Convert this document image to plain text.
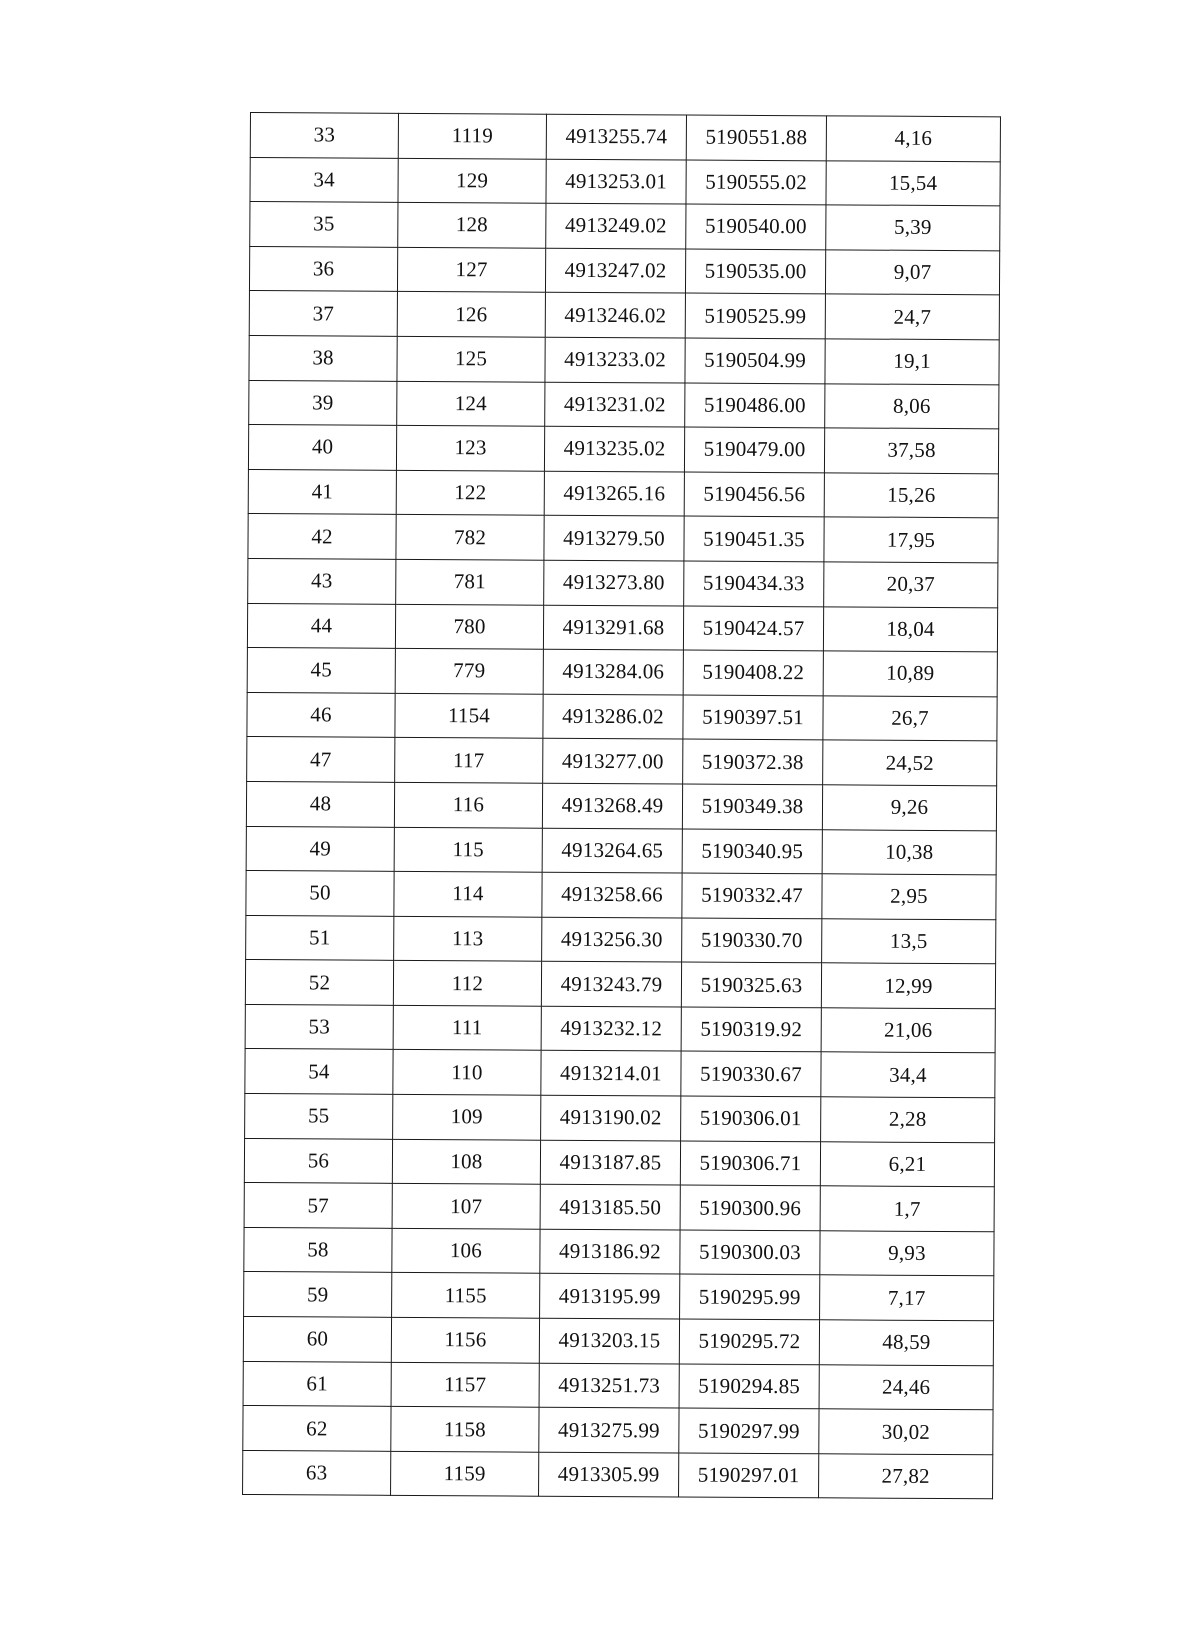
33	1119	4913255.74	5190551.88	4,16
34	129	4913253.01	5190555.02	15,54
35	128	4913249.02	5190540.00	5,39
36	127	4913247.02	5190535.00	9,07
37	126	4913246.02	5190525.99	24,7
38	125	4913233.02	5190504.99	19,1
39	124	4913231.02	5190486.00	8,06
40	123	4913235.02	5190479.00	37,58
41	122	4913265.16	5190456.56	15,26
42	782	4913279.50	5190451.35	17,95
43	781	4913273.80	5190434.33	20,37
44	780	4913291.68	5190424.57	18,04
45	779	4913284.06	5190408.22	10,89
46	1154	4913286.02	5190397.51	26,7
47	117	4913277.00	5190372.38	24,52
48	116	4913268.49	5190349.38	9,26
49	115	4913264.65	5190340.95	10,38
50	114	4913258.66	5190332.47	2,95
51	113	4913256.30	5190330.70	13,5
52	112	4913243.79	5190325.63	12,99
53	111	4913232.12	5190319.92	21,06
54	110	4913214.01	5190330.67	34,4
55	109	4913190.02	5190306.01	2,28
56	108	4913187.85	5190306.71	6,21
57	107	4913185.50	5190300.96	1,7
58	106	4913186.92	5190300.03	9,93
59	1155	4913195.99	5190295.99	7,17
60	1156	4913203.15	5190295.72	48,59
61	1157	4913251.73	5190294.85	24,46
62	1158	4913275.99	5190297.99	30,02
63	1159	4913305.99	5190297.01	27,82
